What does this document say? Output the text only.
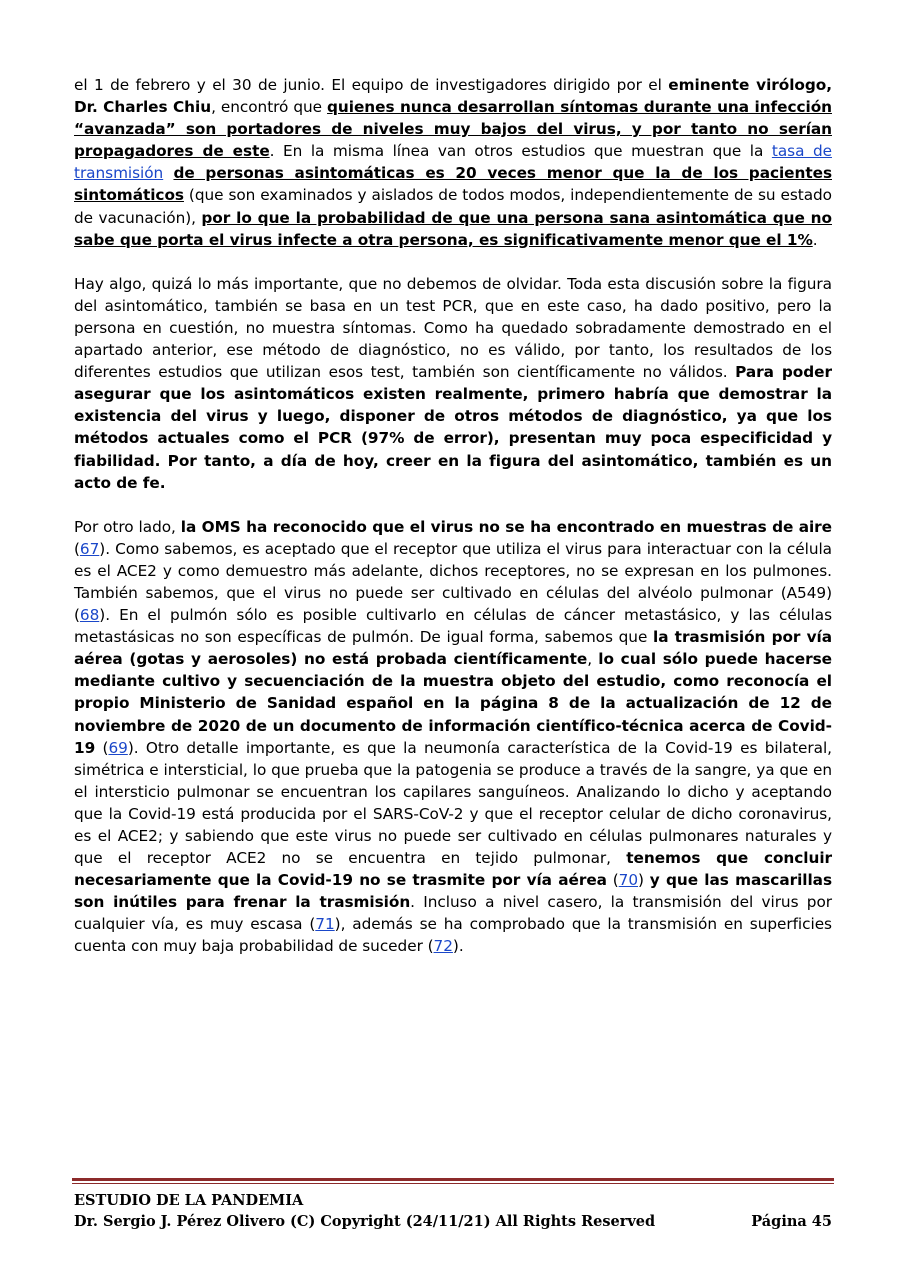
el 1 de febrero y el 30 de junio. El equipo de investigadores dirigido por el eminente virólogo, Dr. Charles Chiu, encontró que quienes nunca desarrollan síntomas durante una infección “avanzada” son portadores de niveles muy bajos del virus, y por tanto no serían propagadores de este. En la misma línea van otros estudios que muestran que la tasa de transmisión de personas asintomáticas es 20 veces menor que la de los pacientes sintomáticos (que son examinados y aislados de todos modos, independientemente de su estado de vacunación), por lo que la probabilidad de que una persona sana asintomática que no sabe que porta el virus infecte a otra persona, es significativamente menor que el 1%.

Hay algo, quizá lo más importante, que no debemos de olvidar. Toda esta discusión sobre la figura del asintomático, también se basa en un test PCR, que en este caso, ha dado positivo, pero la persona en cuestión, no muestra síntomas. Como ha quedado sobradamente demostrado en el apartado anterior, ese método de diagnóstico, no es válido, por tanto, los resultados de los diferentes estudios que utilizan esos test, también son científicamente no válidos. Para poder asegurar que los asintomáticos existen realmente, primero habría que demostrar la existencia del virus y luego, disponer de otros métodos de diagnóstico, ya que los métodos actuales como el PCR (97% de error), presentan muy poca especificidad y fiabilidad. Por tanto, a día de hoy, creer en la figura del asintomático, también es un acto de fe.

Por otro lado, la OMS ha reconocido que el virus no se ha encontrado en muestras de aire (67). Como sabemos, es aceptado que el receptor que utiliza el virus para interactuar con la célula es el ACE2 y como demuestro más adelante, dichos receptores, no se expresan en los pulmones. También sabemos, que el virus no puede ser cultivado en células del alvéolo pulmonar (A549) (68). En el pulmón sólo es posible cultivarlo en células de cáncer metastásico, y las células metastásicas no son específicas de pulmón. De igual forma, sabemos que la trasmisión por vía aérea (gotas y aerosoles) no está probada científicamente, lo cual sólo puede hacerse mediante cultivo y secuenciación de la muestra objeto del estudio, como reconocía el propio Ministerio de Sanidad español en la página 8 de la actualización de 12 de noviembre de 2020 de un documento de información científico-técnica acerca de Covid-19 (69). Otro detalle importante, es que la neumonía característica de la Covid-19 es bilateral, simétrica e intersticial, lo que prueba que la patogenia se produce a través de la sangre, ya que en el intersticio pulmonar se encuentran los capilares sanguíneos. Analizando lo dicho y aceptando que la Covid-19 está producida por el SARS-CoV-2 y que el receptor celular de dicho coronavirus, es el ACE2; y sabiendo que este virus no puede ser cultivado en células pulmonares naturales y que el receptor ACE2 no se encuentra en tejido pulmonar, tenemos que concluir necesariamente que la Covid-19 no se trasmite por vía aérea (70) y que las mascarillas son inútiles para frenar la trasmisión. Incluso a nivel casero, la transmisión del virus por cualquier vía, es muy escasa (71), además se ha comprobado que la transmisión en superficies cuenta con muy baja probabilidad de suceder (72).

ESTUDIO DE LA PANDEMIA
Dr. Sergio J. Pérez Olivero (C) Copyright (24/11/21) All Rights Reserved	Página 45
